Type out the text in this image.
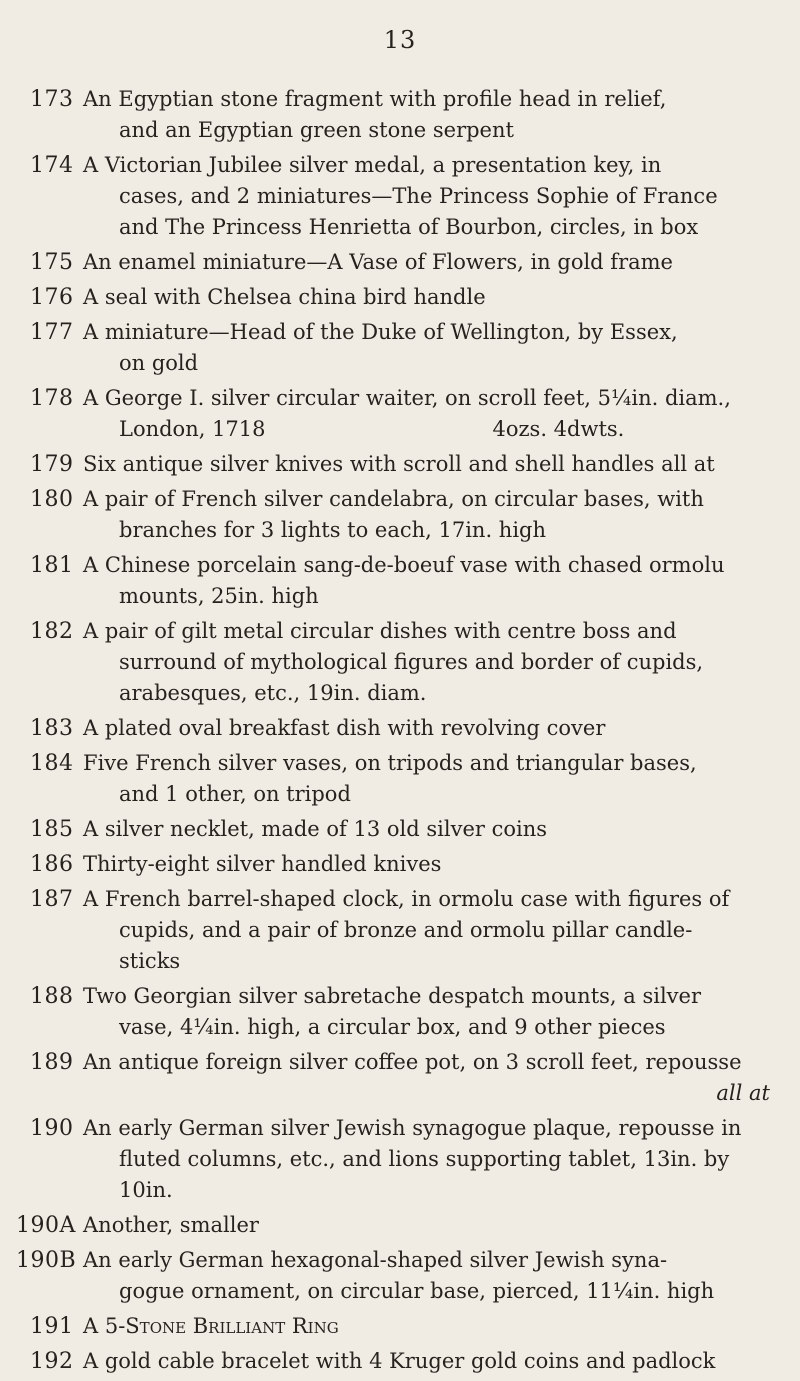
13
173 An Egyptian stone fragment with profile head in relief,
and an Egyptian green stone serpent
174 A Victorian Jubilee silver medal, a presentation key, in
cases, and 2 miniatures—The Princess Sophie of France
and The Princess Henrietta of Bourbon, circles, in box
175 An enamel miniature—A Vase of Flowers, in gold frame
176 A seal with Chelsea china bird handle
177 A miniature—Head of the Duke of Wellington, by Essex,
on gold
178 A George I. silver circular waiter, on scroll feet, 5¼in. diam.,
London, 1718                                  4ozs. 4dwts.
179 Six antique silver knives with scroll and shell handles all at
180 A pair of French silver candelabra, on circular bases, with
branches for 3 lights to each, 17in. high
181 A Chinese porcelain sang-de-boeuf vase with chased ormolu
mounts, 25in. high
182 A pair of gilt metal circular dishes with centre boss and
surround of mythological figures and border of cupids,
arabesques, etc., 19in. diam.
183 A plated oval breakfast dish with revolving cover
184 Five French silver vases, on tripods and triangular bases,
and 1 other, on tripod
185 A silver necklet, made of 13 old silver coins
186 Thirty-eight silver handled knives
187 A French barrel-shaped clock, in ormolu case with figures of
cupids, and a pair of bronze and ormolu pillar candle-
sticks
188 Two Georgian silver sabretache despatch mounts, a silver
vase, 4¼in. high, a circular box, and 9 other pieces
189 An antique foreign silver coffee pot, on 3 scroll feet, repousse
all at
190 An early German silver Jewish synagogue plaque, repousse in
fluted columns, etc., and lions supporting tablet, 13in. by
10in.
190A Another, smaller
190B An early German hexagonal-shaped silver Jewish syna-
gogue ornament, on circular base, pierced, 11¼in. high
191 A 5-Stone Brilliant Ring
192 A gold cable bracelet with 4 Kruger gold coins and padlock
